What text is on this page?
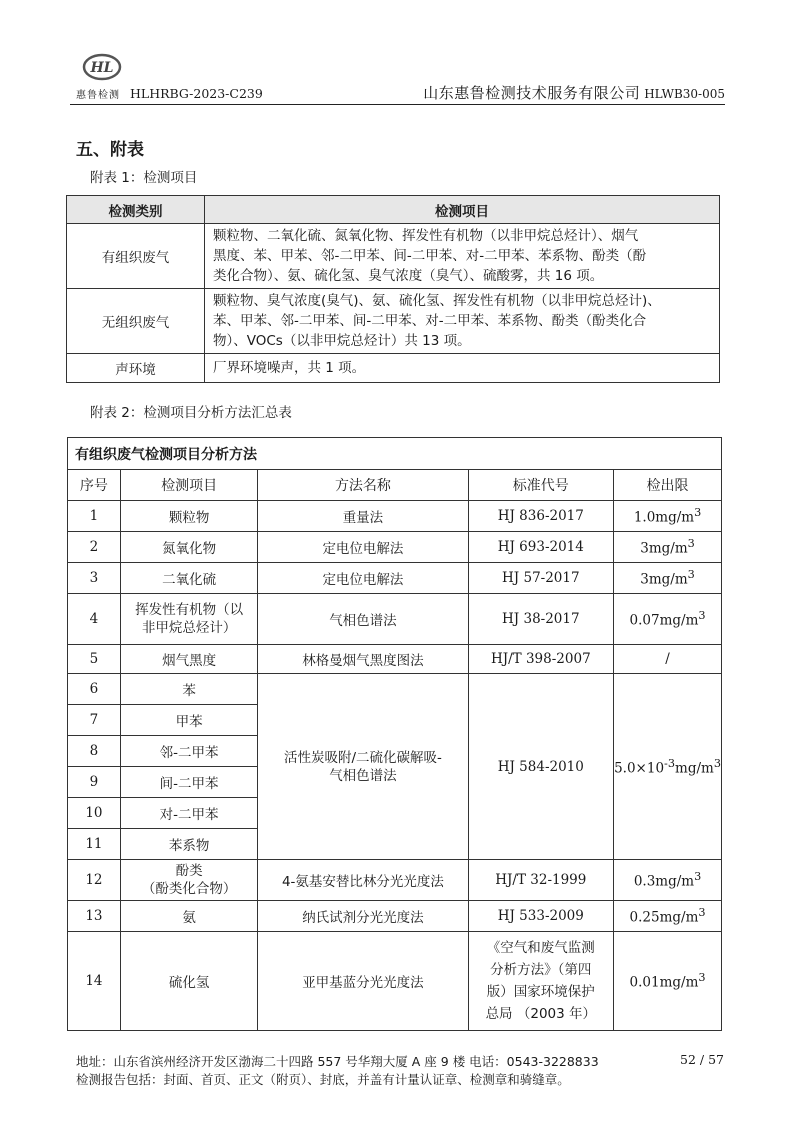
HL
惠鲁检测 HLHRBG-2023-C239	山东惠鲁检测技术服务有限公司 HLWB30-005
五、附表
附表 1：检测项目
检测类别	检测项目
有组织废气	颗粒物、二氧化硫、氮氧化物、挥发性有机物（以非甲烷总烃计）、烟气
黑度、苯、甲苯、邻-二甲苯、间-二甲苯、对-二甲苯、苯系物、酚类（酚
类化合物）、氨、硫化氢、臭气浓度（臭气）、硫酸雾，共 16 项。

无组织废气	颗粒物、臭气浓度(臭气)、氨、硫化氢、挥发性有机物（以非甲烷总烃计)、
苯、甲苯、邻-二甲苯、间-二甲苯、对-二甲苯、苯系物、酚类（酚类化合
物）、VOCs（以非甲烷总烃计）共 13 项。

声环境	厂界环境噪声，共 1 项。
附表 2：检测项目分析方法汇总表
有组织废气检测项目分析方法				
序号	检测项目	方法名称	标准代号	检出限
1	颗粒物	重量法	HJ 836-2017	$1.0mg/m^3$
2	氮氧化物	定电位电解法	HJ 693-2014	$3mg/m^3$
3	二氧化硫	定电位电解法	HJ 57-2017	$3mg/m^3$
4	挥发性有机物（以
非甲烷总烃计）	气相色谱法	HJ 38-2017	$0.07mg/m^3$
5	烟气黑度	林格曼烟气黑度图法	HJ/T 398-2007	/
6	苯	活性炭吸附/二硫化碳解吸-
气相色谱法	HJ 584-2010	$5.0\times 10^{-3}mg/m^3$
7	甲苯			
8	邻-二甲苯			
9	间-二甲苯			
10	对-二甲苯			
11	苯系物			
12	酚类
（酚类化合物）	4-氨基安替比林分光光度法	HJ/T 32-1999	$0.3mg/m^3$
13	氨	纳氏试剂分光光度法	HJ 533-2009	$0.25mg/m^3$
14	硫化氢	亚甲基蓝分光光度法	《空气和废气监测
分析方法》（第四
版）国家环境保护
总局 （2003 年）	$0.01mg/m^3$
地址：山东省滨州经济开发区渤海二十四路 557 号华翔大厦 A 座 9 楼 电话：0543-3228833
检测报告包括：封面、首页、正文（附页）、封底，并盖有计量认证章、检测章和骑缝章。
52 / 57
